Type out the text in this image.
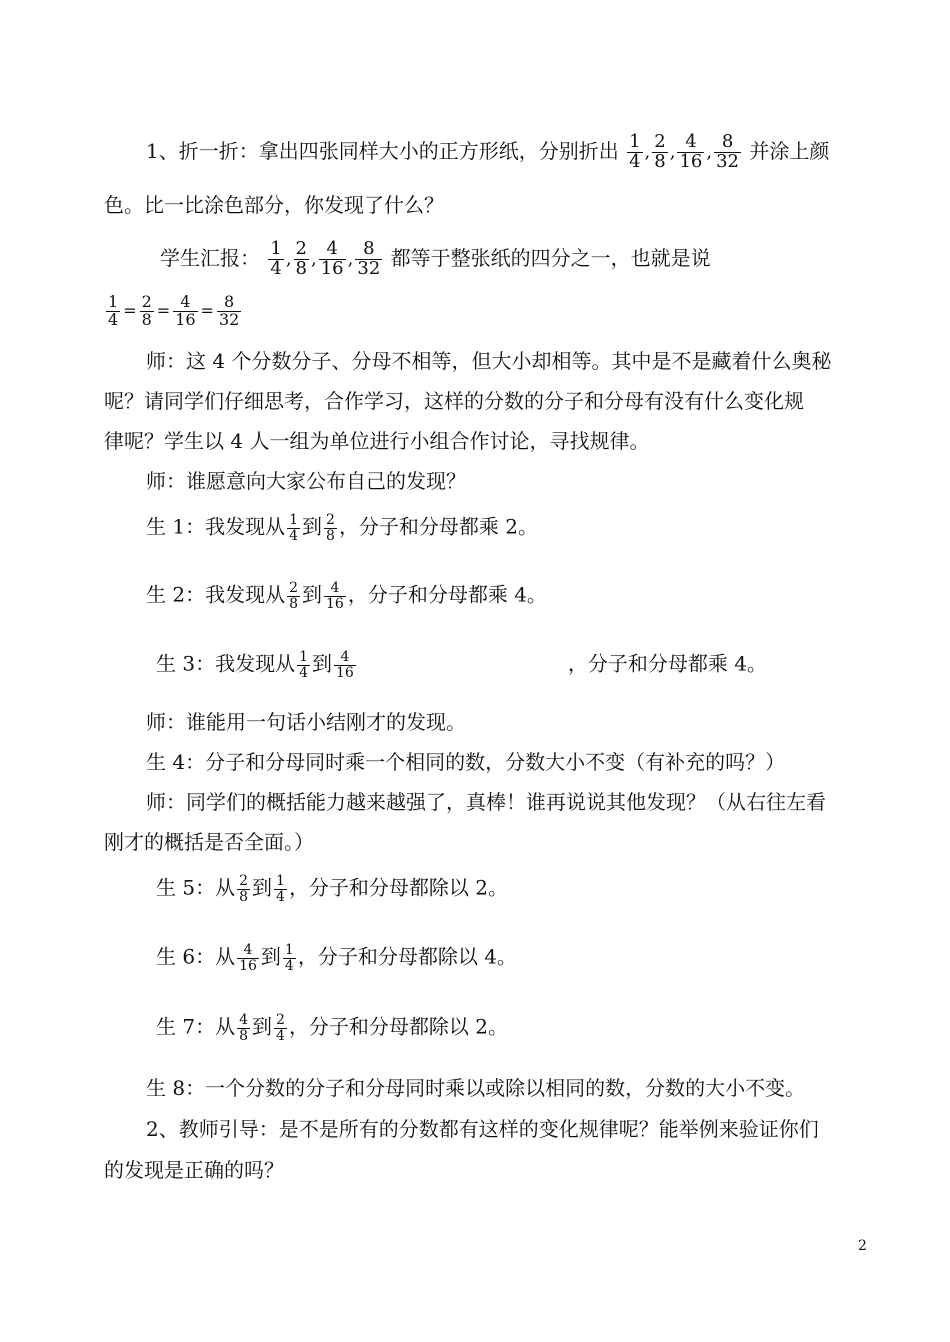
1、折一折：拿出四张同样大小的正方形纸，分别折出 $\frac{1}{4}$ , $\frac{2}{8}$ , $\frac{4}{16}$ , $\frac{8}{32}$ 并涂上颜
色。比一比涂色部分，你发现了什么？
学生汇报： $\frac{1}{4}$ , $\frac{2}{8}$ , $\frac{4}{16}$ , $\frac{8}{32}$ 都等于整张纸的四分之一，也就是说
$\frac{1}{4} = \frac{2}{8} = \frac{4}{16} = \frac{8}{32}$
师：这 4 个分数分子、分母不相等，但大小却相等。其中是不是藏着什么奥秘
呢？请同学们仔细思考，合作学习，这样的分数的分子和分母有没有什么变化规
律呢？学生以 4 人一组为单位进行小组合作讨论，寻找规律。
师：谁愿意向大家公布自己的发现？
生 1：我发现从 $\frac{1}{4}$ 到 $\frac{2}{8}$ ，分子和分母都乘 2。
生 2：我发现从 $\frac{2}{8}$ 到 $\frac{4}{16}$ ，分子和分母都乘 4。
生 3：我发现从 $\frac{1}{4}$ 到 $\frac{4}{16}$	，分子和分母都乘 4。
师：谁能用一句话小结刚才的发现。
生 4：分子和分母同时乘一个相同的数，分数大小不变（有补充的吗？）
师：同学们的概括能力越来越强了，真棒！谁再说说其他发现？（从右往左看
刚才的概括是否全面。）
生 5：从 $\frac{2}{8}$ 到 $\frac{1}{4}$ ，分子和分母都除以 2。
生 6：从 $\frac{4}{16}$ 到 $\frac{1}{4}$ ，分子和分母都除以 4。
生 7：从 $\frac{4}{8}$ 到 $\frac{2}{4}$ ，分子和分母都除以 2。
生 8：一个分数的分子和分母同时乘以或除以相同的数，分数的大小不变。
2、教师引导：是不是所有的分数都有这样的变化规律呢？能举例来验证你们
的发现是正确的吗？
2
